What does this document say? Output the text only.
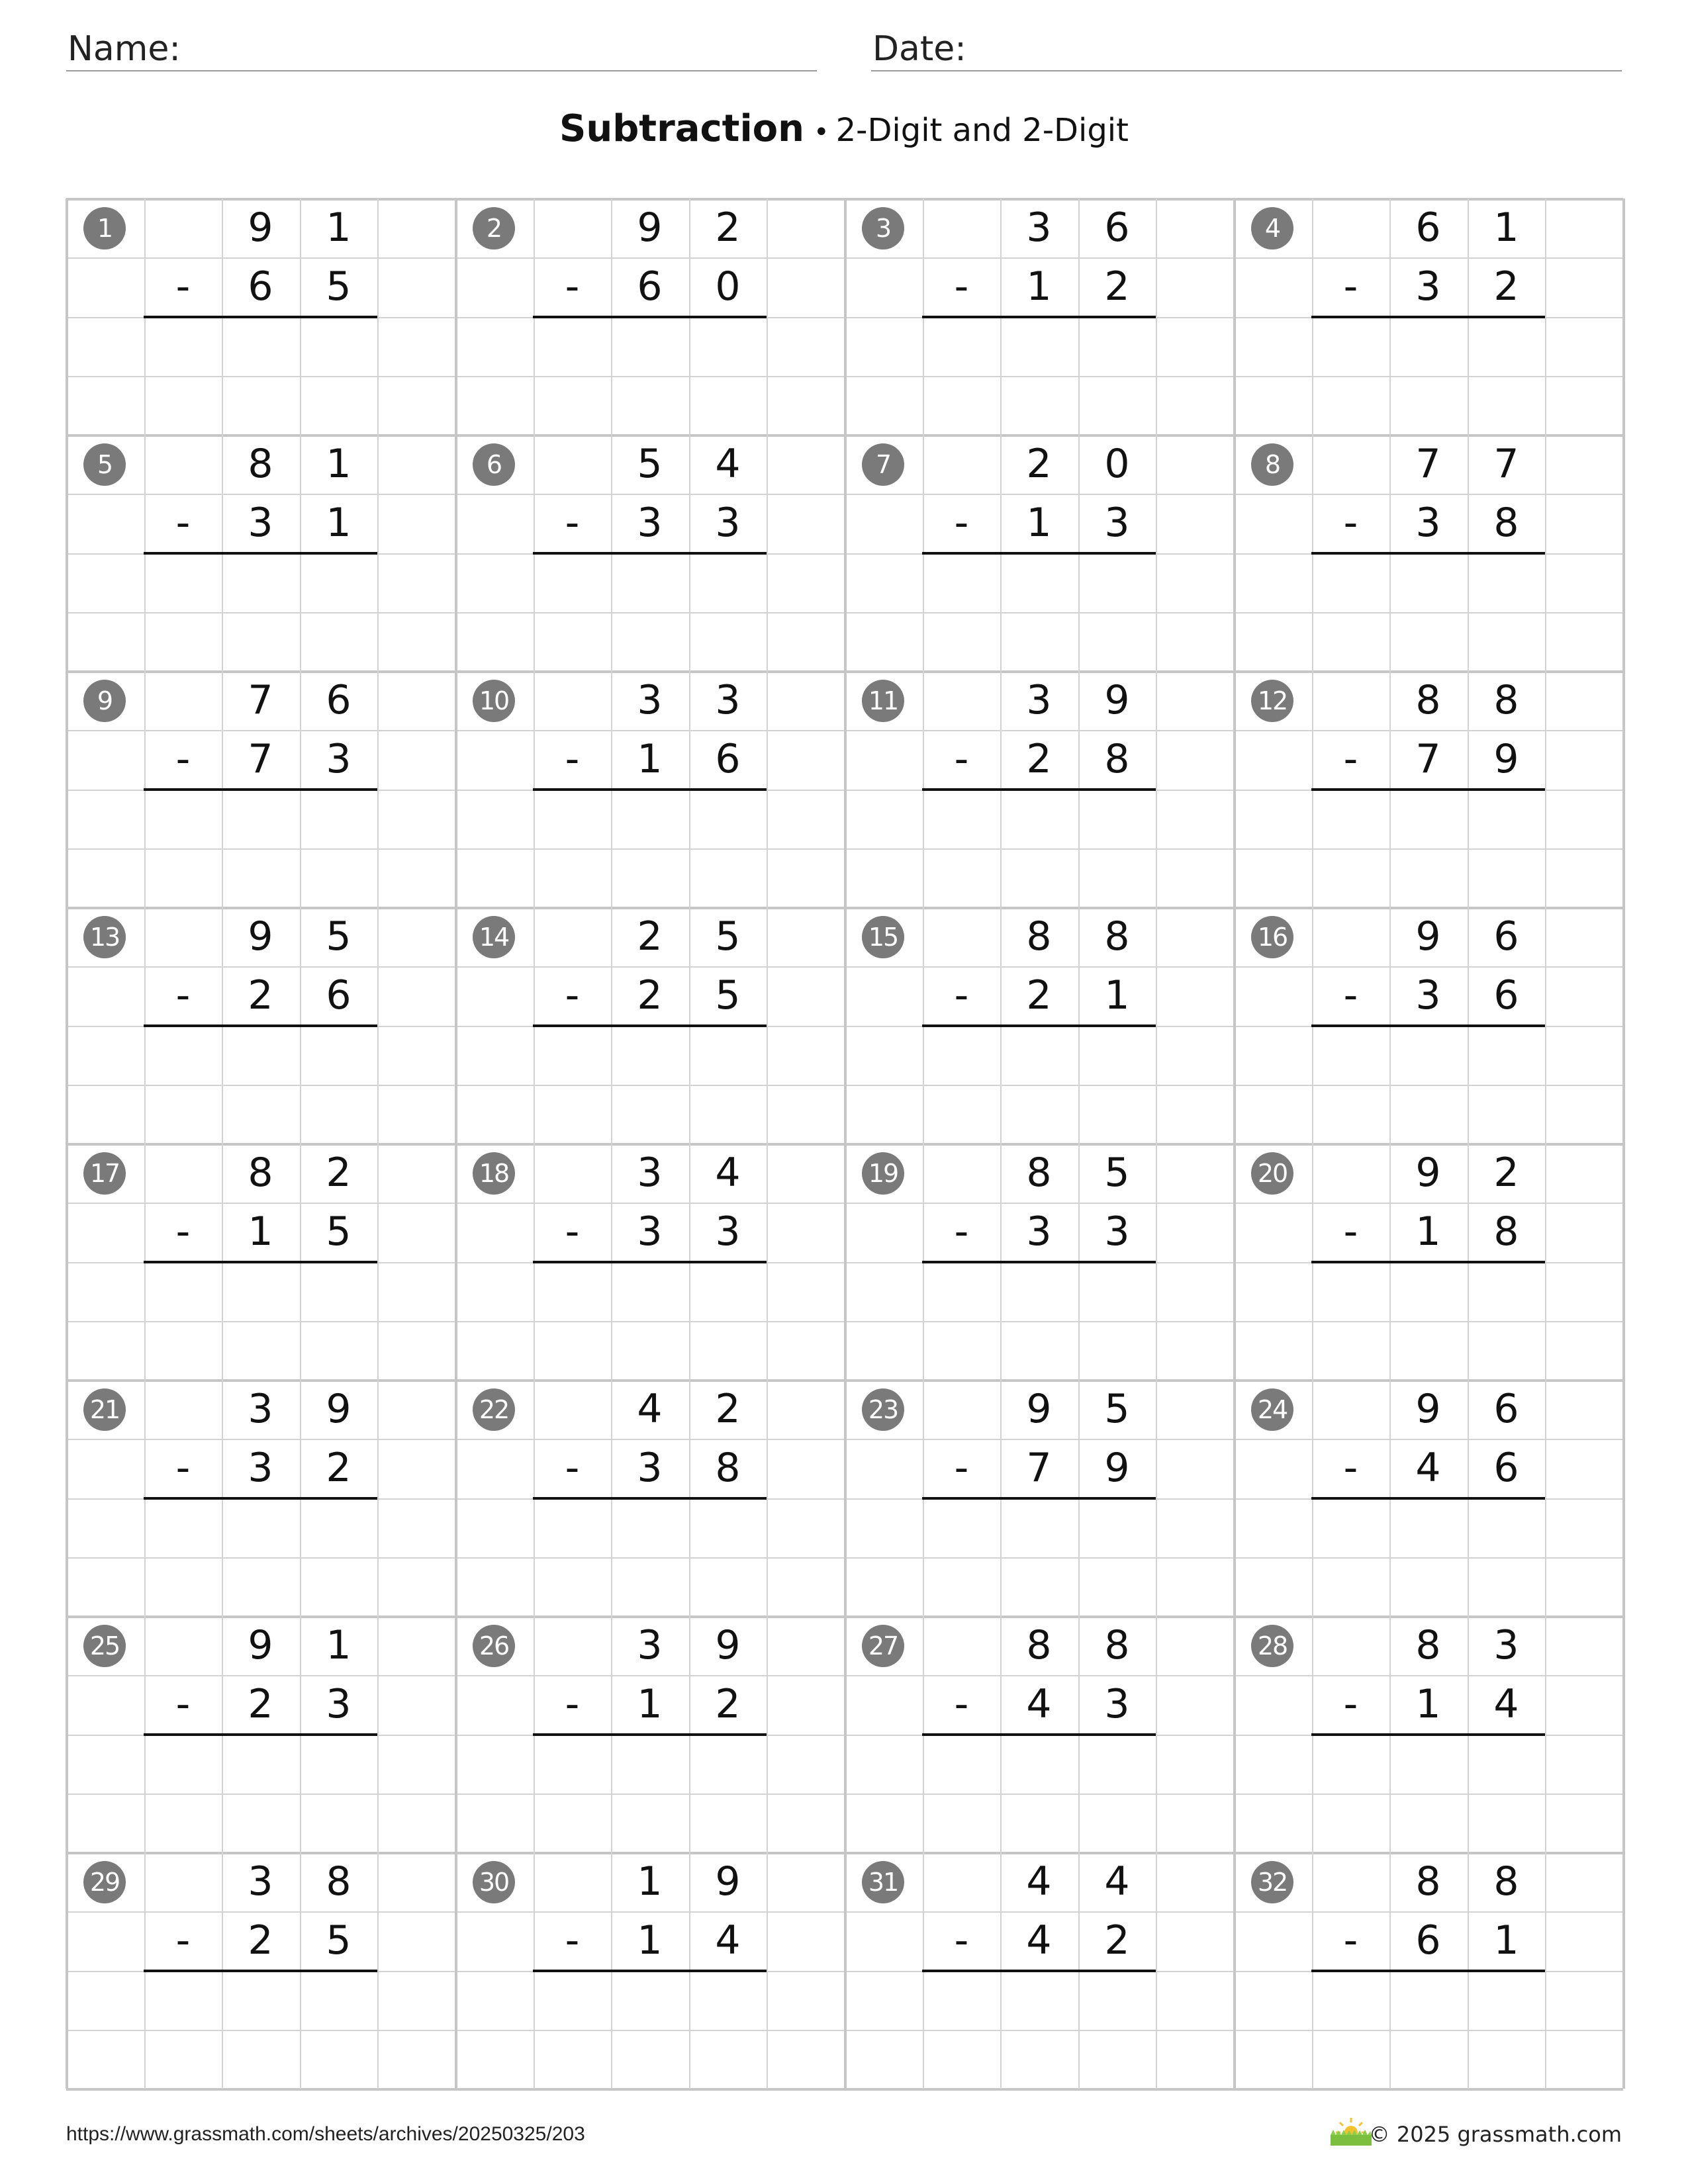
Name:	Date:
Subtraction • 2-Digit and 2-Digit
1	9	1
-	6	5
2	9	2
-	6	0
3	3	6
-	1	2
4	6	1
-	3	2
5	8	1
-	3	1
6	5	4
-	3	3
7	2	0
-	1	3
8	7	7
-	3	8
9	7	6
-	7	3
10	3	3
-	1	6
11	3	9
-	2	8
12	8	8
-	7	9
13	9	5
-	2	6
14	2	5
-	2	5
15	8	8
-	2	1
16	9	6
-	3	6
17	8	2
-	1	5
18	3	4
-	3	3
19	8	5
-	3	3
20	9	2
-	1	8
21	3	9
-	3	2
22	4	2
-	3	8
23	9	5
-	7	9
24	9	6
-	4	6
25	9	1
-	2	3
26	3	9
-	1	2
27	8	8
-	4	3
28	8	3
-	1	4
29	3	8
-	2	5
30	1	9
-	1	4
31	4	4
-	4	2
32	8	8
-	6	1
https://www.grassmath.com/sheets/archives/20250325/203	© 2025 grassmath.com
